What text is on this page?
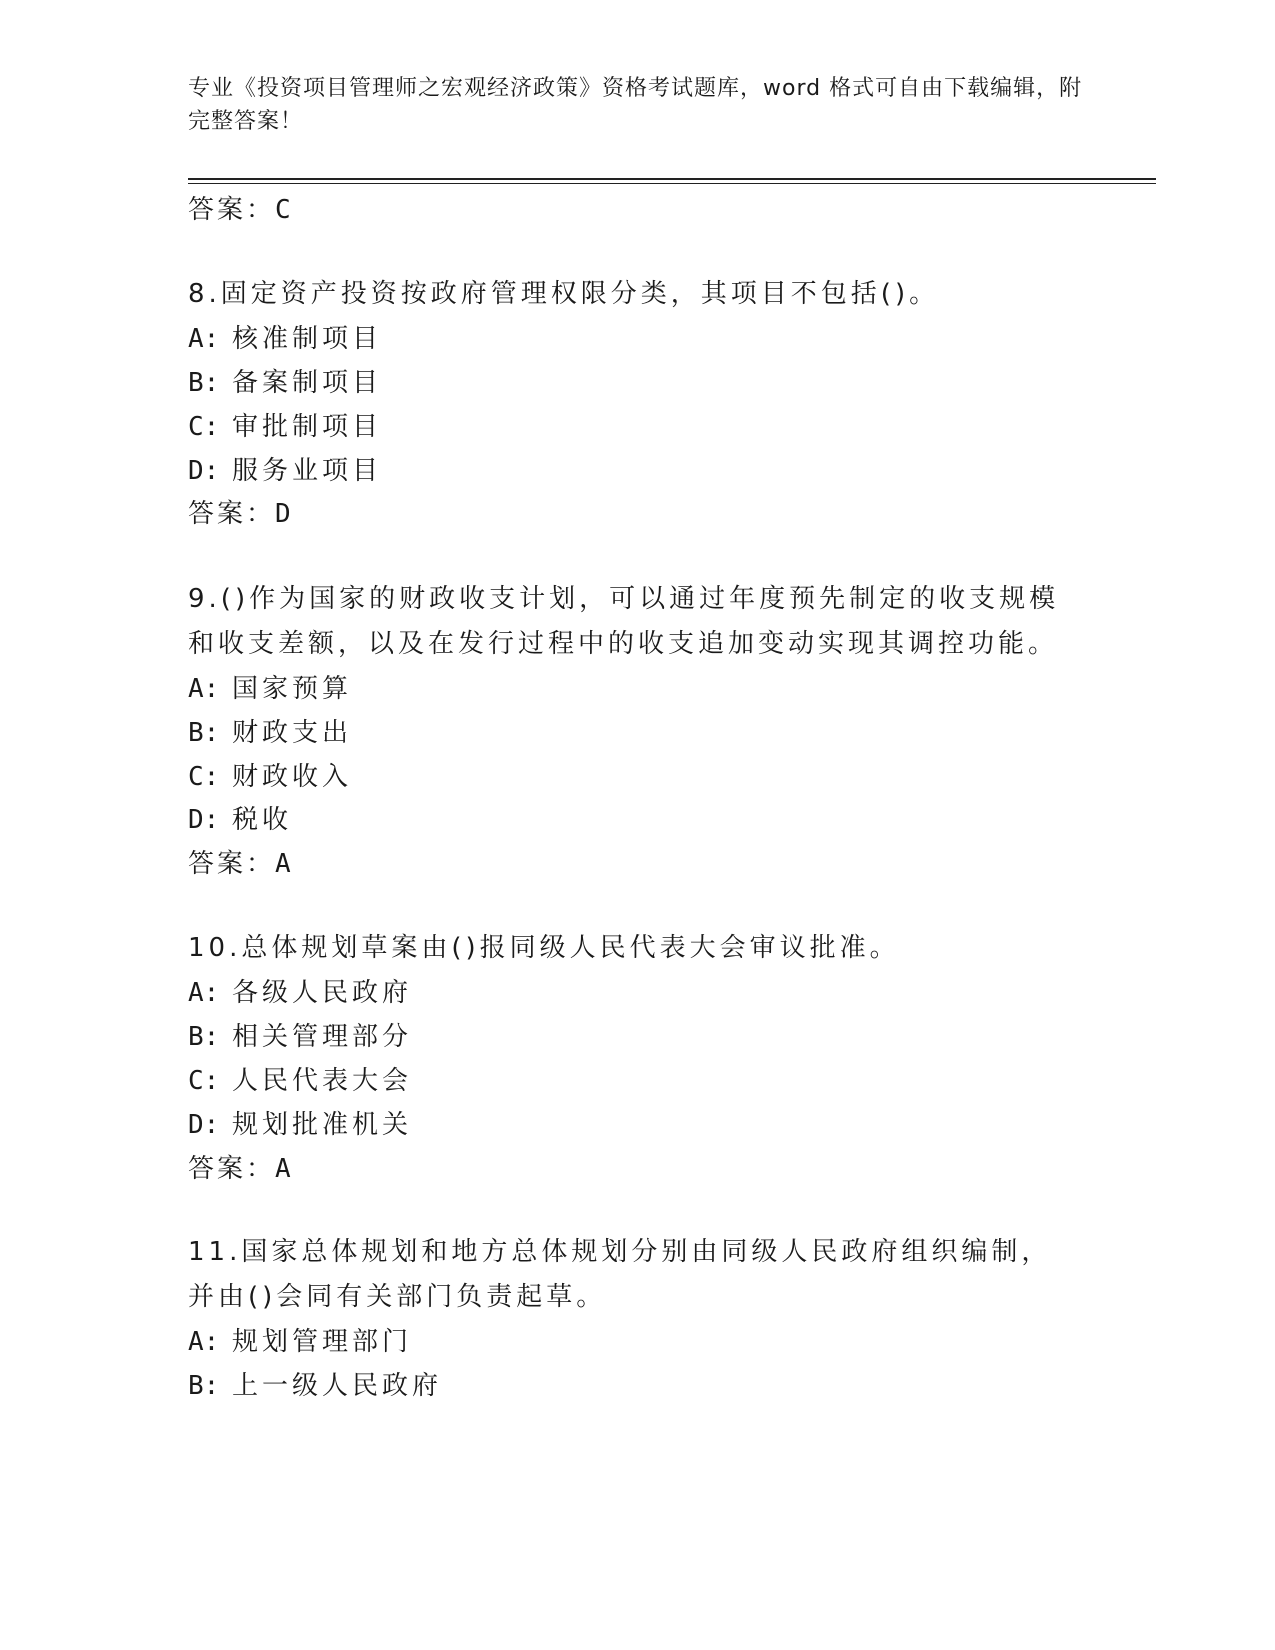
专业《投资项目管理师之宏观经济政策》资格考试题库，word 格式可自由下载编辑，附完整答案！
答案：C
8.固定资产投资按政府管理权限分类，其项目不包括()。
A: 核准制项目
B: 备案制项目
C: 审批制项目
D: 服务业项目
答案：D
9.()作为国家的财政收支计划，可以通过年度预先制定的收支规模和收支差额，以及在发行过程中的收支追加变动实现其调控功能。
A: 国家预算
B: 财政支出
C: 财政收入
D: 税收
答案：A
10.总体规划草案由()报同级人民代表大会审议批准。
A: 各级人民政府
B: 相关管理部分
C: 人民代表大会
D: 规划批准机关
答案：A
11.国家总体规划和地方总体规划分别由同级人民政府组织编制，并由()会同有关部门负责起草。
A: 规划管理部门
B: 上一级人民政府
